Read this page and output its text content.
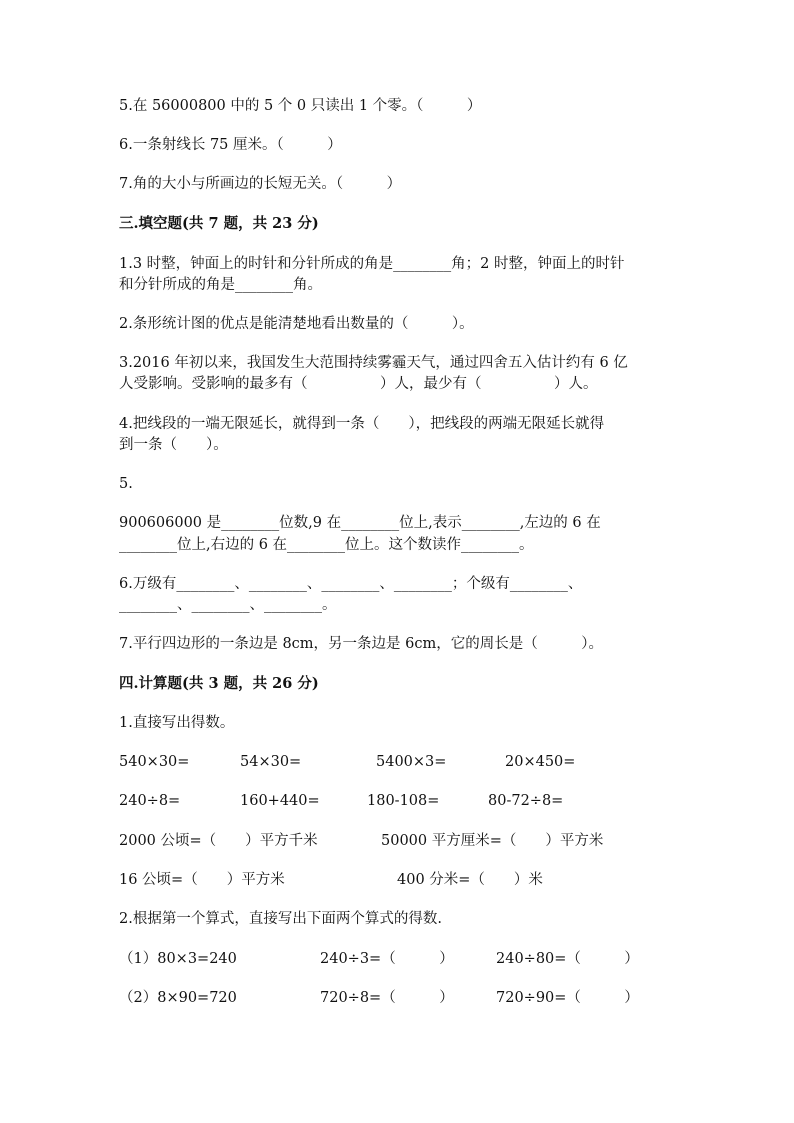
5.在 56000800 中的 5 个 0 只读出 1 个零。（　　　）
6.一条射线长 75 厘米。（　　　）
7.角的大小与所画边的长短无关。（　　　）
三.填空题(共 7 题，共 23 分)
1.3 时整，钟面上的时针和分针所成的角是________角；2 时整，钟面上的时针
和分针所成的角是________角。
2.条形统计图的优点是能清楚地看出数量的（　　　）。
3.2016 年初以来，我国发生大范围持续雾霾天气，通过四舍五入估计约有 6 亿
人受影响。受影响的最多有（　　　　　）人，最少有（　　　　　）人。
4.把线段的一端无限延长，就得到一条（　　），把线段的两端无限延长就得
到一条（　　）。
5.
900606000 是________位数,9 在________位上,表示________,左边的 6 在
________位上,右边的 6 在________位上。这个数读作________。
6.万级有________、________、________、________；个级有________、
________、________、________。
7.平行四边形的一条边是 8cm，另一条边是 6cm，它的周长是（　　　）。
四.计算题(共 3 题，共 26 分)
1.直接写出得数。
540×30=	54×30=	5400×3=	20×450=
240÷8=	160+440=	180-108=	80-72÷8=
2000 公顷=（　　）平方千米	50000 平方厘米=（　　）平方米
16 公顷=（　　）平方米	400 分米=（　　）米
2.根据第一个算式，直接写出下面两个算式的得数.
（1）80×3=240	240÷3=（　　　）	240÷80=（　　　）
（2）8×90=720	720÷8=（　　　）	720÷90=（　　　）
